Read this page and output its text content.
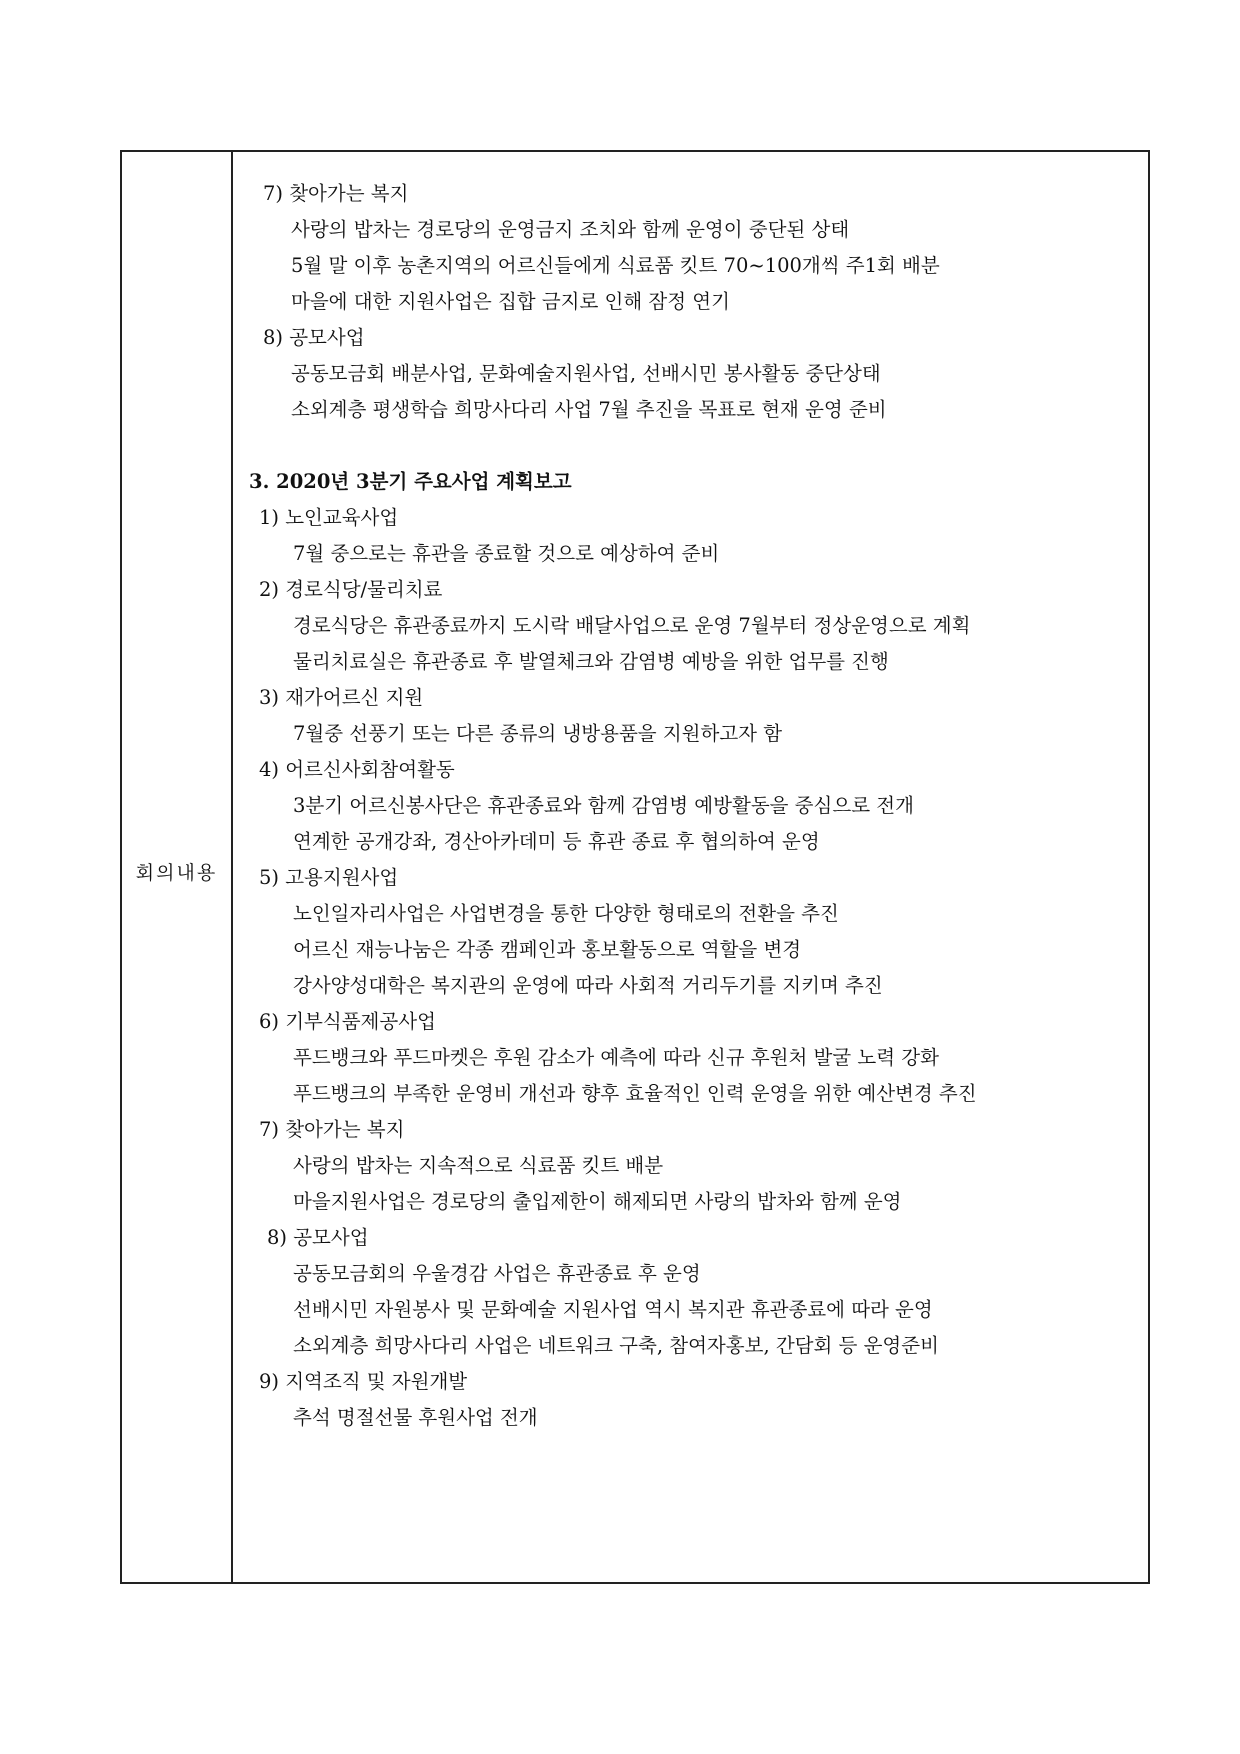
회의내용
7) 찾아가는 복지
사랑의 밥차는 경로당의 운영금지 조치와 함께 운영이 중단된 상태
5월 말 이후 농촌지역의 어르신들에게 식료품 킷트 70~100개씩 주1회 배분
마을에 대한 지원사업은 집합 금지로 인해 잠정 연기
8) 공모사업
공동모금회 배분사업, 문화예술지원사업, 선배시민 봉사활동 중단상태
소외계층 평생학습 희망사다리 사업 7월 추진을 목표로 현재 운영 준비
3. 2020년 3분기 주요사업 계획보고
1) 노인교육사업
7월 중으로는 휴관을 종료할 것으로 예상하여 준비
2) 경로식당/물리치료
경로식당은 휴관종료까지 도시락 배달사업으로 운영 7월부터 정상운영으로 계획
물리치료실은 휴관종료 후 발열체크와 감염병 예방을 위한 업무를 진행
3) 재가어르신 지원
7월중 선풍기 또는 다른 종류의 냉방용품을 지원하고자 함
4) 어르신사회참여활동
3분기 어르신봉사단은 휴관종료와 함께 감염병 예방활동을 중심으로 전개
연계한 공개강좌, 경산아카데미 등 휴관 종료 후 협의하여 운영
5) 고용지원사업
노인일자리사업은 사업변경을 통한 다양한 형태로의 전환을 추진
어르신 재능나눔은 각종 캠페인과 홍보활동으로 역할을 변경
강사양성대학은 복지관의 운영에 따라 사회적 거리두기를 지키며 추진
6) 기부식품제공사업
푸드뱅크와 푸드마켓은 후원 감소가 예측에 따라 신규 후원처 발굴 노력 강화
푸드뱅크의 부족한 운영비 개선과 향후 효율적인 인력 운영을 위한 예산변경 추진
7) 찾아가는 복지
사랑의 밥차는 지속적으로 식료품 킷트 배분
마을지원사업은 경로당의 출입제한이 해제되면 사랑의 밥차와 함께 운영
8) 공모사업
공동모금회의 우울경감 사업은 휴관종료 후 운영
선배시민 자원봉사 및 문화예술 지원사업 역시 복지관 휴관종료에 따라 운영
소외계층 희망사다리 사업은 네트워크 구축, 참여자홍보, 간담회 등 운영준비
9) 지역조직 및 자원개발
추석 명절선물 후원사업 전개
